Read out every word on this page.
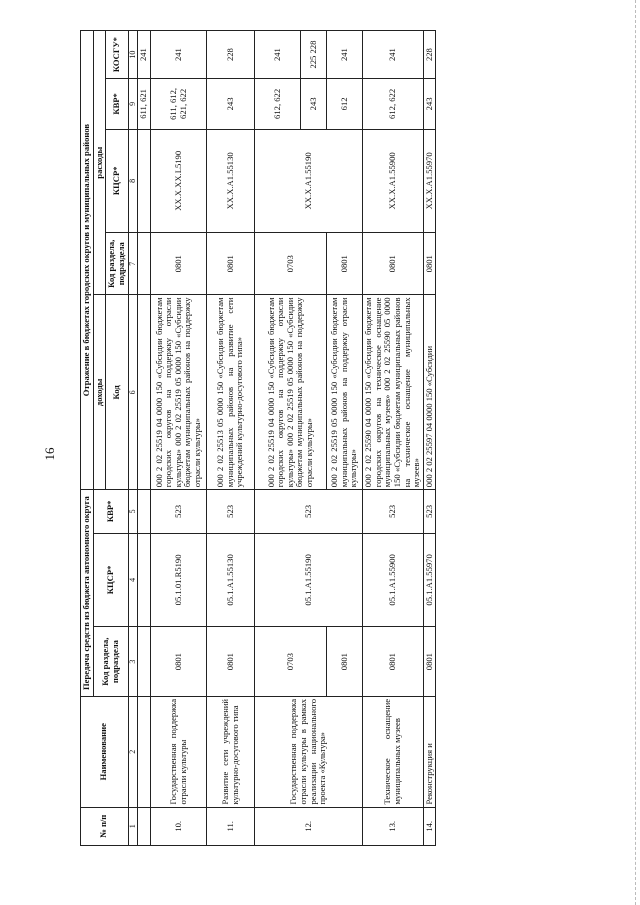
16
№ п/п	Наименование	Передача средств из бюджета автономного округа			Отражение в бюджетах городских округов и муниципальных районов				
		Код раздела, подраздела	КЦСР*	КВР*	доходы	расходы			
					Код	Код раздела, подраздела	КЦСР*	КВР*	КОСГУ*
1	2	3	4	5	6	7	8	9	10
								611, 621	241
10.	Государственная поддержка отрасли культуры	0801	05.1.01.R5190	523	000 2 02 25519 04 0000 150 «Субсидии бюджетам городских округов на поддержку отрасли культуры» 000 2 02 25519 05 0000 150 «Субсидии бюджетам муниципальных районов на поддержку отрасли культуры»	0801	XX.X.XX.L5190	611, 612, 621, 622	241
11.	Развитие сети учреждений культурно-досугового типа	0801	05.1.A1.55130	523	000 2 02 25513 05 0000 150 «Субсидии бюджетам муниципальных районов на развитие сети учреждений культурно-досугового типа»	0801	XX.X.A1.55130	243	228
12.	Государственная поддержка отрасли культуры в рамках реализации национального проекта «Культура»	0703	05.1.A1.55190	523	000 2 02 25519 04 0000 150 «Субсидии бюджетам городских округов на поддержку отрасли культуры» 000 2 02 25519 05 0000 150 «Субсидии бюджетам муниципальных районов на поддержку отрасли культуры»	0703	XX.X.A1.55190	612, 622	241
								243	225 228
		0801			000 2 02 25519 05 0000 150 «Субсидии бюджетам муниципальных районов на поддержку отрасли культуры»	0801		612	241
13.	Техническое оснащение муниципальных музеев	0801	05.1.A1.55900	523	000 2 02 25590 04 0000 150 «Субсидии бюджетам городских округов на техническое оснащение муниципальных музеев» 000 2 02 25590 05 0000 150 «Субсидии бюджетам муниципальных районов на техническое оснащение муниципальных музеев»	0801	XX.X.A1.55900	612, 622	241
14.	Реконструкция и	0801	05.1.A1.55970	523	000 2 02 25597 04 0000 150 «Субсидии	0801	XX.X.A1.55970	243	228
